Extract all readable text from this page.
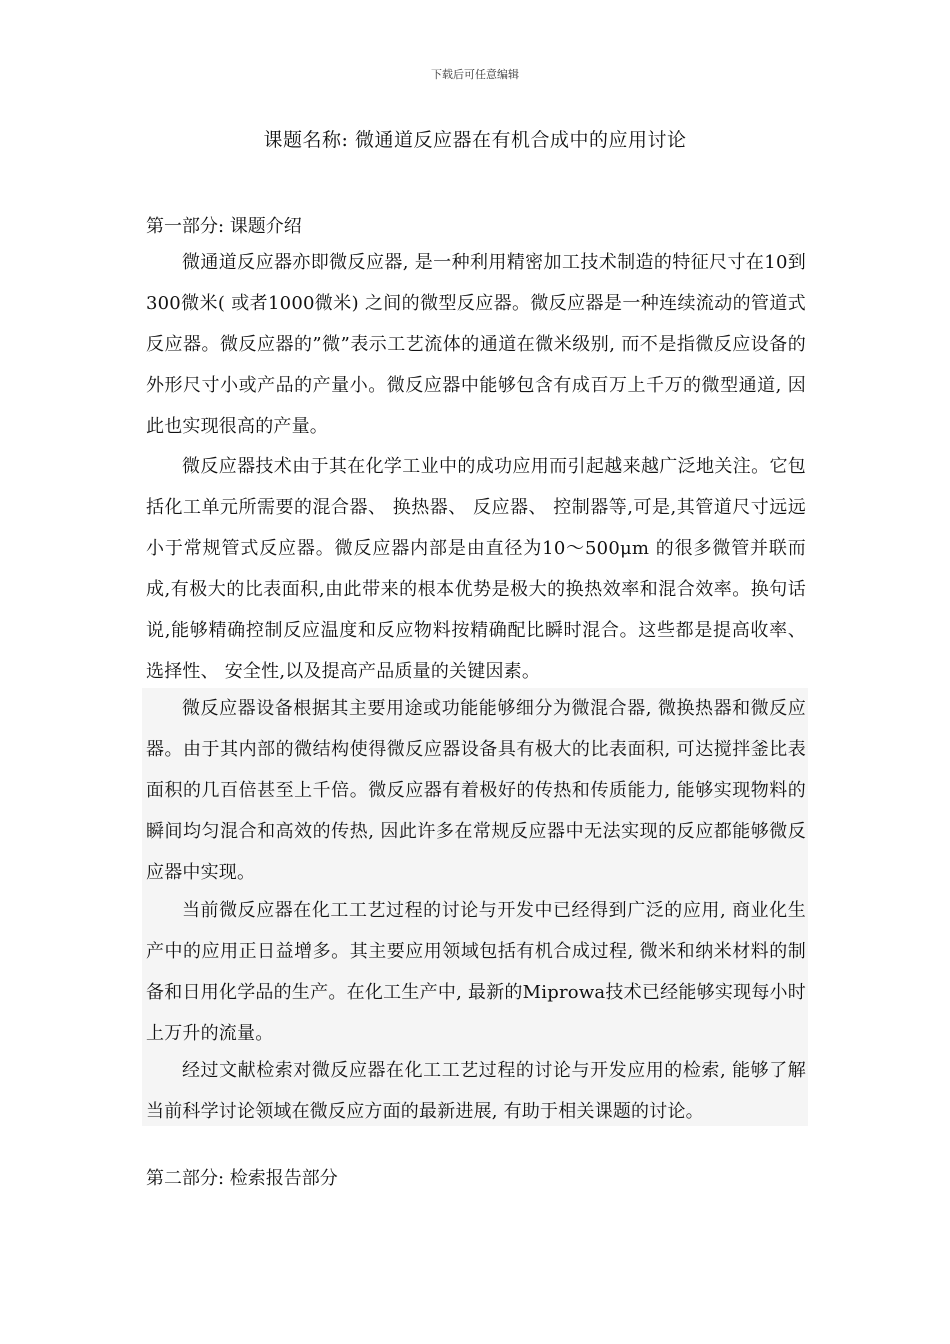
下载后可任意编辑
课题名称: 微通道反应器在有机合成中的应用讨论
第一部分: 课题介绍

微通道反应器亦即微反应器, 是一种利用精密加工技术制造的特征尺寸在10到300微米( 或者1000微米) 之间的微型反应器。微反应器是一种连续流动的管道式反应器。微反应器的”微”表示工艺流体的通道在微米级别, 而不是指微反应设备的外形尺寸小或产品的产量小。微反应器中能够包含有成百万上千万的微型通道, 因此也实现很高的产量。

微反应器技术由于其在化学工业中的成功应用而引起越来越广泛地关注。它包括化工单元所需要的混合器、 换热器、 反应器、 控制器等,可是,其管道尺寸远远小于常规管式反应器。微反应器内部是由直径为10～500μm 的很多微管并联而成,有极大的比表面积,由此带来的根本优势是极大的换热效率和混合效率。换句话说,能够精确控制反应温度和反应物料按精确配比瞬时混合。这些都是提高收率、 选择性、 安全性,以及提高产品质量的关键因素。

微反应器设备根据其主要用途或功能能够细分为微混合器, 微换热器和微反应器。由于其内部的微结构使得微反应器设备具有极大的比表面积, 可达搅拌釜比表面积的几百倍甚至上千倍。微反应器有着极好的传热和传质能力, 能够实现物料的瞬间均匀混合和高效的传热, 因此许多在常规反应器中无法实现的反应都能够微反应器中实现。

当前微反应器在化工工艺过程的讨论与开发中已经得到广泛的应用, 商业化生产中的应用正日益增多。其主要应用领域包括有机合成过程, 微米和纳米材料的制备和日用化学品的生产。在化工生产中, 最新的Miprowa技术已经能够实现每小时上万升的流量。

经过文献检索对微反应器在化工工艺过程的讨论与开发应用的检索, 能够了解当前科学讨论领域在微反应方面的最新进展, 有助于相关课题的讨论。

第二部分: 检索报告部分
